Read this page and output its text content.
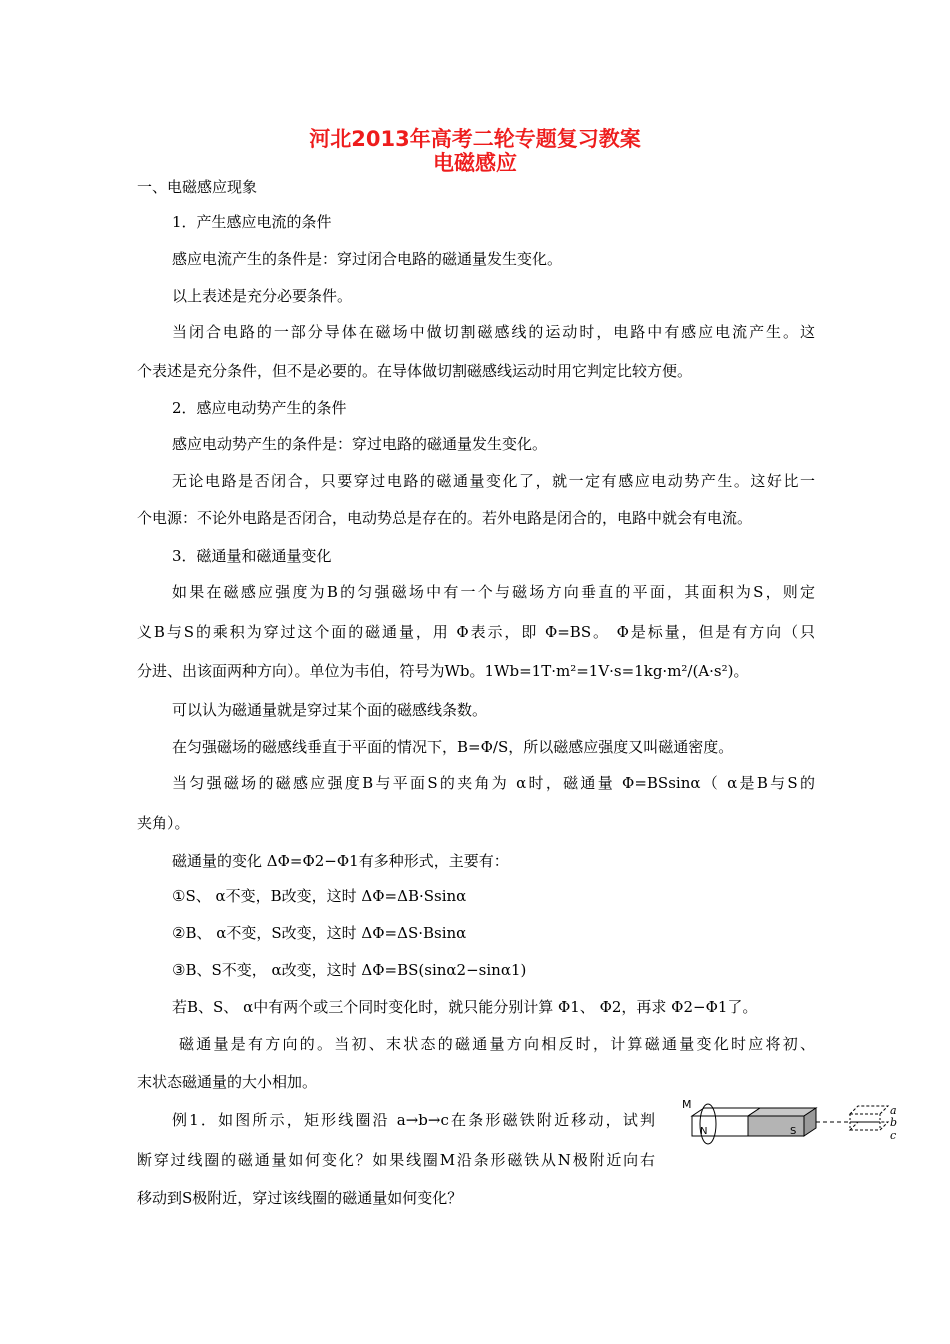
河北2013年高考二轮专题复习教案
电磁感应
一、电磁感应现象
1．产生感应电流的条件
感应电流产生的条件是：穿过闭合电路的磁通量发生变化。
以上表述是充分必要条件。
当闭合电路的一部分导体在磁场中做切割磁感线的运动时，电路中有感应电流产生。这
个表述是充分条件，但不是必要的。在导体做切割磁感线运动时用它判定比较方便。
2．感应电动势产生的条件
感应电动势产生的条件是：穿过电路的磁通量发生变化。
无论电路是否闭合，只要穿过电路的磁通量变化了，就一定有感应电动势产生。这好比一
个电源：不论外电路是否闭合，电动势总是存在的。若外电路是闭合的，电路中就会有电流。
3．磁通量和磁通量变化
如果在磁感应强度为B的匀强磁场中有一个与磁场方向垂直的平面，其面积为S，则定
义B与S的乘积为穿过这个面的磁通量，用 Φ表示，即 Φ=BS。 Φ是标量，但是有方向（只
分进、出该面两种方向）。单位为韦伯，符号为Wb。1Wb=1T·m²=1V·s=1kg·m²/(A·s²)。
可以认为磁通量就是穿过某个面的磁感线条数。
在匀强磁场的磁感线垂直于平面的情况下，B=Φ/S，所以磁感应强度又叫磁通密度。
当匀强磁场的磁感应强度B与平面S的夹角为 α时，磁通量 Φ=BSsinα（ α是B与S的
夹角）。
磁通量的变化 ΔΦ=Φ2−Φ1有多种形式，主要有：
①S、 α不变，B改变，这时 ΔΦ=ΔB·Ssinα
②B、 α不变，S改变，这时 ΔΦ=ΔS·Bsinα
③B、S不变， α改变，这时 ΔΦ=BS(sinα2−sinα1)
若B、S、 α中有两个或三个同时变化时，就只能分别计算 Φ1、 Φ2，再求 Φ2−Φ1了。
磁通量是有方向的。当初、末状态的磁通量方向相反时，计算磁通量变化时应将初、
末状态磁通量的大小相加。
例1．如图所示，矩形线圈沿 a→b→c在条形磁铁附近移动，试判
断穿过线圈的磁通量如何变化？如果线圈M沿条形磁铁从N极附近向右
移动到S极附近，穿过该线圈的磁通量如何变化？
M
N	S
a
b
c
